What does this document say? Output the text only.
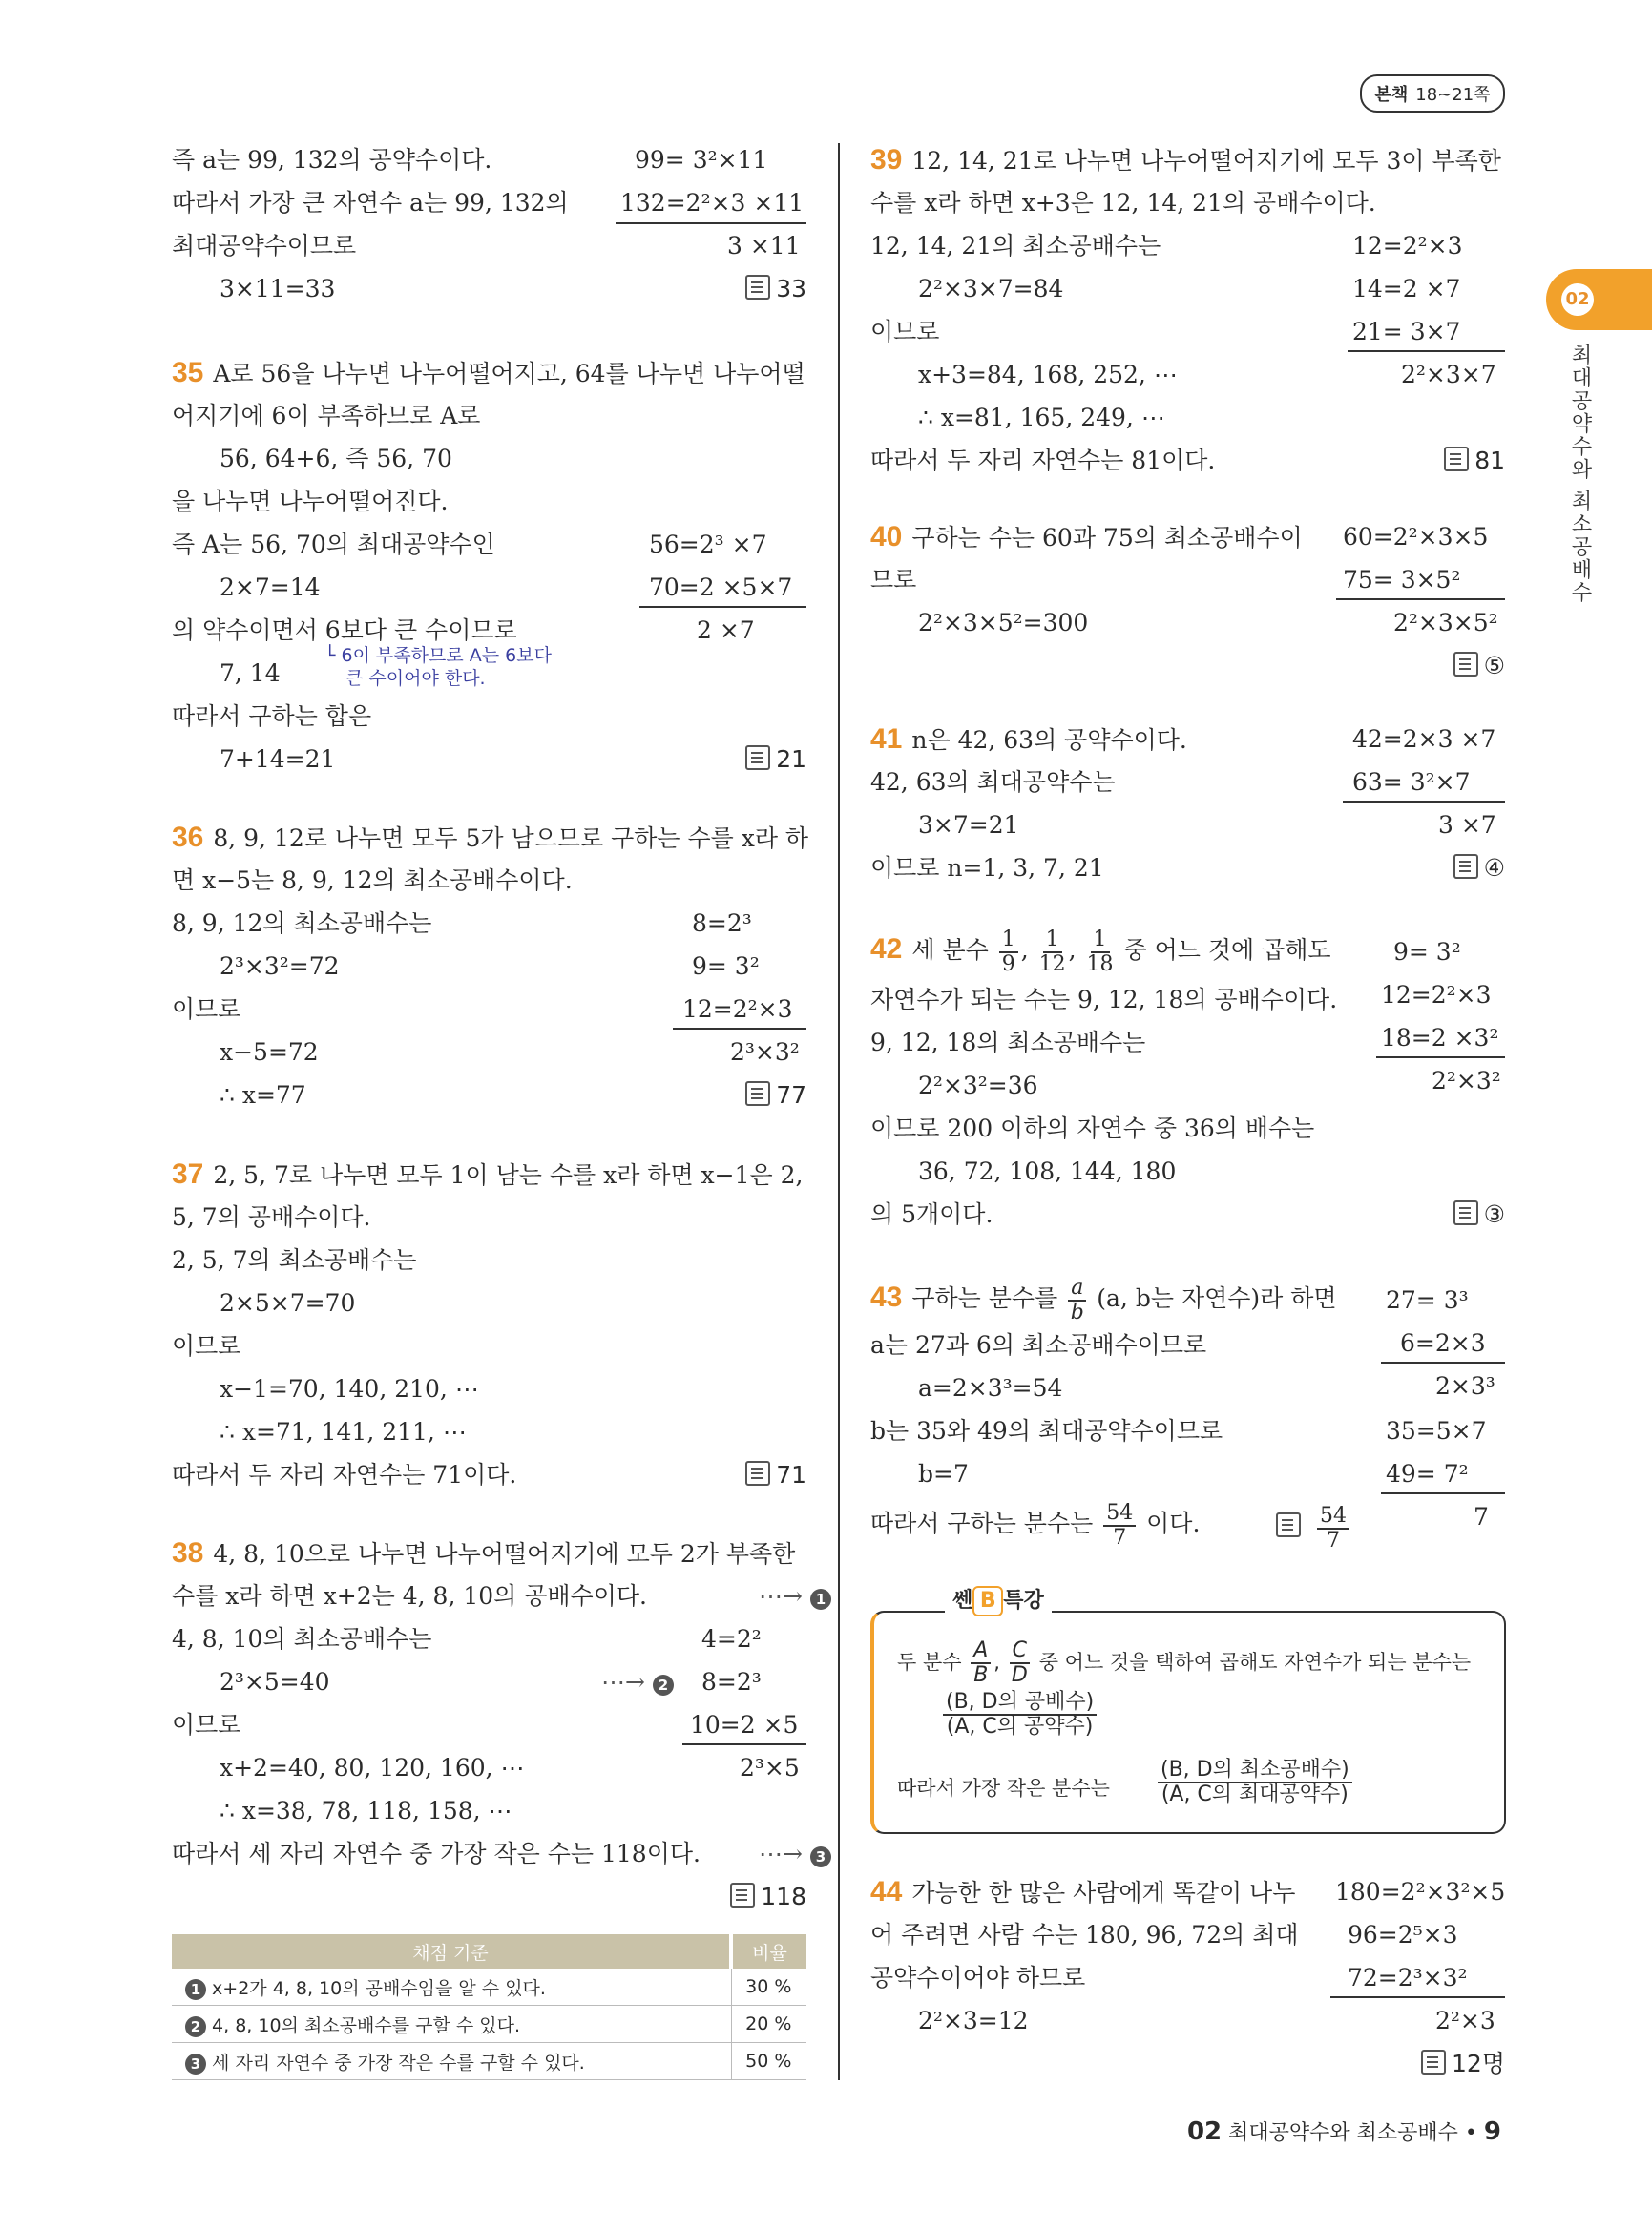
본책 18~21쪽
02
최대공약수와 최소공배수
즉 a는 99, 132의 공약수이다.
따라서 가장 큰 자연수 a는 99, 132의
최대공약수이므로
3×11=33
99= 3²×11
132=2²×3 ×11
3 ×11
33
35 A로 56을 나누면 나누어떨어지고, 64를 나누면 나누어떨
어지기에 6이 부족하므로 A로
56, 64+6, 즉 56, 70
을 나누면 나누어떨어진다.
즉 A는 56, 70의 최대공약수인
2×7=14
의 약수이면서 6보다 큰 수이므로
└ 6이 부족하므로 A는 6보다
큰 수이어야 한다.
7, 14
따라서 구하는 합은
7+14=21
56=2³ ×7
70=2 ×5×7
2 ×7
21
36 8, 9, 12로 나누면 모두 5가 남으므로 구하는 수를 x라 하
면 x−5는 8, 9, 12의 최소공배수이다.
8, 9, 12의 최소공배수는
2³×3²=72
이므로
x−5=72
∴ x=77
8=2³
9= 3²
12=2²×3
2³×3²
77
37 2, 5, 7로 나누면 모두 1이 남는 수를 x라 하면 x−1은 2,
5, 7의 공배수이다.
2, 5, 7의 최소공배수는
2×5×7=70
이므로
x−1=70, 140, 210, ⋯
∴ x=71, 141, 211, ⋯
따라서 두 자리 자연수는 71이다.	71
38 4, 8, 10으로 나누면 나누어떨어지기에 모두 2가 부족한
수를 x라 하면 x+2는 4, 8, 10의 공배수이다.
4, 8, 10의 최소공배수는
2³×5=40
이므로
x+2=40, 80, 120, 160, ⋯
∴ x=38, 78, 118, 158, ⋯
따라서 세 자리 자연수 중 가장 작은 수는 118이다.
⋯→ 1
⋯→ 2
⋯→ 3
4=2²
8=2³
10=2 ×5
2³×5
118
채점 기준	비율
1 x+2가 4, 8, 10의 공배수임을 알 수 있다.	30 %
2 4, 8, 10의 최소공배수를 구할 수 있다.	20 %
3 세 자리 자연수 중 가장 작은 수를 구할 수 있다.	50 %
39 12, 14, 21로 나누면 나누어떨어지기에 모두 3이 부족한
수를 x라 하면 x+3은 12, 14, 21의 공배수이다.
12, 14, 21의 최소공배수는
2²×3×7=84
이므로
x+3=84, 168, 252, ⋯
∴ x=81, 165, 249, ⋯
따라서 두 자리 자연수는 81이다.
12=2²×3
14=2 ×7
21= 3×7
2²×3×7
81
40 구하는 수는 60과 75의 최소공배수이
므로
2²×3×5²=300
60=2²×3×5
75= 3×5²
2²×3×5²
⑤
41 n은 42, 63의 공약수이다.
42, 63의 최대공약수는
3×7=21
이므로 n=1, 3, 7, 21
42=2×3 ×7
63= 3²×7
3 ×7
④
42 세 분수 $\frac{1}{9}$ , $\frac{1}{12}$ , $\frac{1}{18}$ 중 어느 것에 곱해도
자연수가 되는 수는 9, 12, 18의 공배수이다.
9, 12, 18의 최소공배수는
2²×3²=36
이므로 200 이하의 자연수 중 36의 배수는
36, 72, 108, 144, 180
의 5개이다.
9= 3²
12=2²×3
18=2 ×3²
2²×3²
③
43 구하는 분수를 $\frac{a}{b} (a$, b는 자연수)라 하면
a는 27과 6의 최소공배수이므로
a=2×3³=54
b는 35와 49의 최대공약수이므로
b=7
따라서 구하는 분수는 $\frac{54}{7}$ 이다.
27= 3³
6=2×3
2×3³
35=5×7
49= 7²
7

$\frac{54}{7}$
쎈 B 특강
두 분수 $\frac{A}{B}$ , $\frac{C}{D}$ 중 어느 것을 택하여 곱해도 자연수가 되는 분수는
$\frac{\text{(B, D의 공배수)}}{\text{(A, C의 공약수)}}$
따라서 가장 작은 분수는 $\frac{\text{(B, D의 최소공배수)}}{\text{(A, C의 최대공약수)}}$
44 가능한 한 많은 사람에게 똑같이 나누
어 주려면 사람 수는 180, 96, 72의 최대
공약수이어야 하므로
2²×3=12
180=2²×3²×5
96=2⁵×3
72=2³×3²
2²×3
12명
02 최대공약수와 최소공배수 • 9
